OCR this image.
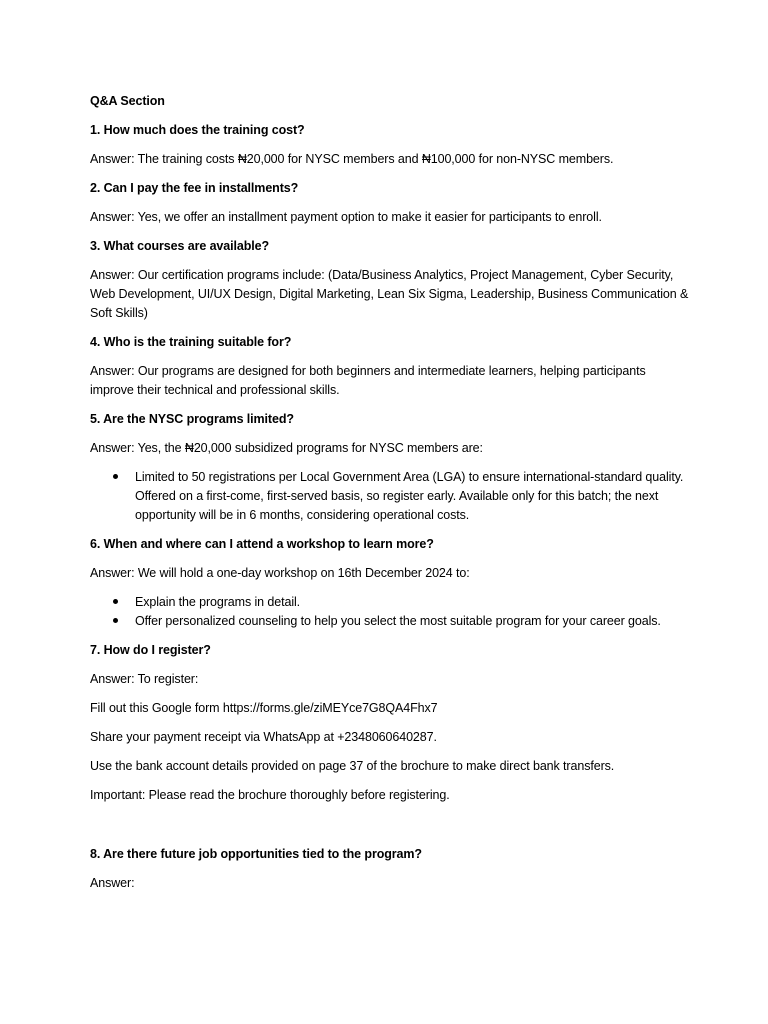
Q&A Section

1. How much does the training cost?

Answer: The training costs ₦20,000 for NYSC members and ₦100,000 for non-NYSC members.

2. Can I pay the fee in installments?

Answer: Yes, we offer an installment payment option to make it easier for participants to enroll.

3. What courses are available?

Answer: Our certification programs include: (Data/Business Analytics, Project Management, Cyber Security, Web Development, UI/UX Design, Digital Marketing, Lean Six Sigma, Leadership, Business Communication & Soft Skills)

4. Who is the training suitable for?

Answer: Our programs are designed for both beginners and intermediate learners, helping participants improve their technical and professional skills.

5. Are the NYSC programs limited?

Answer: Yes, the ₦20,000 subsidized programs for NYSC members are:

Limited to 50 registrations per Local Government Area (LGA) to ensure international-standard quality. Offered on a first-come, first-served basis, so register early. Available only for this batch; the next opportunity will be in 6 months, considering operational costs.

6. When and where can I attend a workshop to learn more?

Answer: We will hold a one-day workshop on 16th December 2024 to:

Explain the programs in detail.
Offer personalized counseling to help you select the most suitable program for your career goals.

7. How do I register?

Answer: To register:

Fill out this Google form https://forms.gle/ziMEYce7G8QA4Fhx7

Share your payment receipt via WhatsApp at +2348060640287.

Use the bank account details provided on page 37 of the brochure to make direct bank transfers.

Important: Please read the brochure thoroughly before registering.

8. Are there future job opportunities tied to the program?

Answer:
